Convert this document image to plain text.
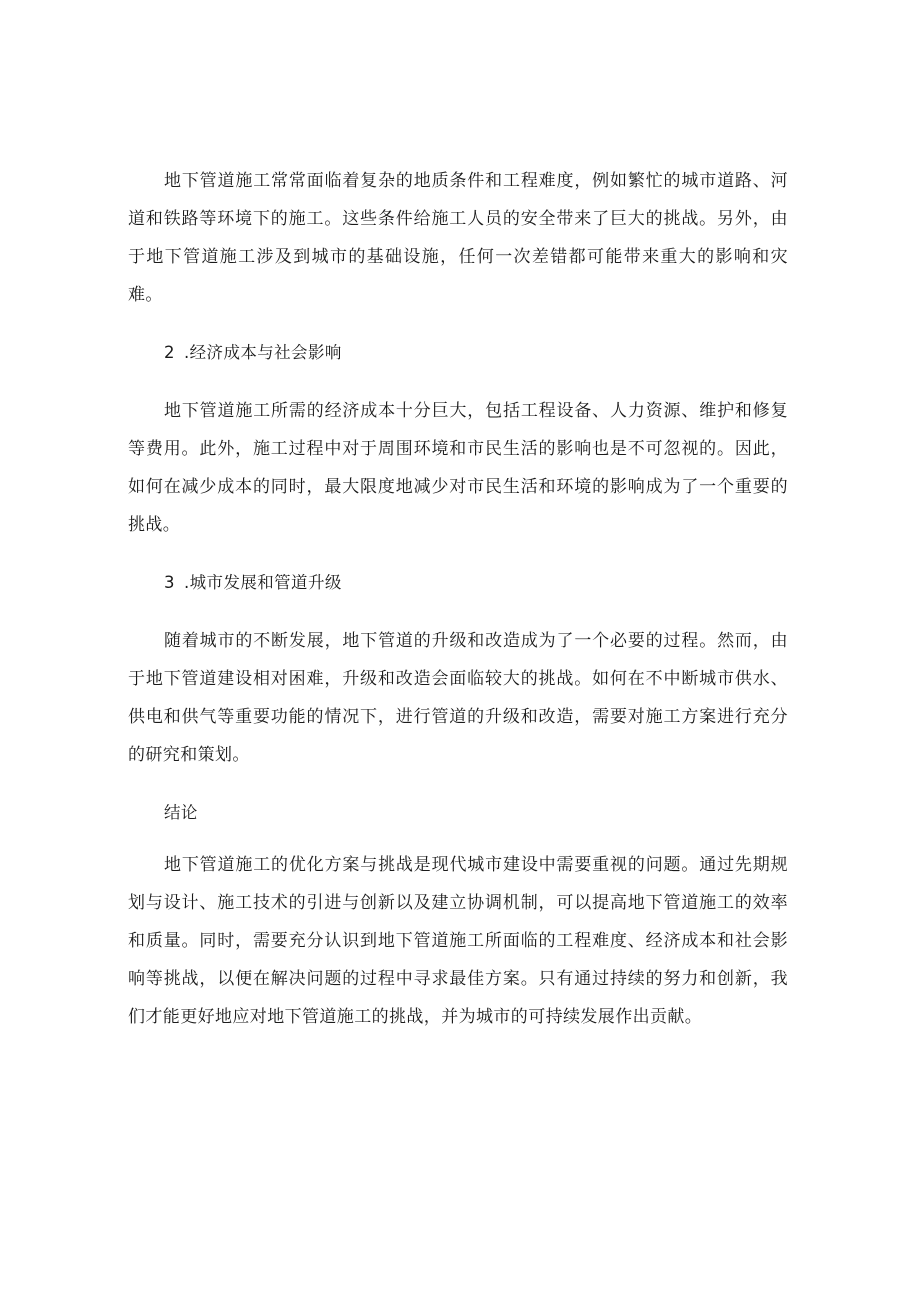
地下管道施工常常面临着复杂的地质条件和工程难度，例如繁忙的城市道路、河道和铁路等环境下的施工。这些条件给施工人员的安全带来了巨大的挑战。另外，由于地下管道施工涉及到城市的基础设施，任何一次差错都可能带来重大的影响和灾难。

2 .经济成本与社会影响

地下管道施工所需的经济成本十分巨大，包括工程设备、人力资源、维护和修复等费用。此外，施工过程中对于周围环境和市民生活的影响也是不可忽视的。因此，如何在减少成本的同时，最大限度地减少对市民生活和环境的影响成为了一个重要的挑战。

3 .城市发展和管道升级

随着城市的不断发展，地下管道的升级和改造成为了一个必要的过程。然而，由于地下管道建设相对困难，升级和改造会面临较大的挑战。如何在不中断城市供水、供电和供气等重要功能的情况下，进行管道的升级和改造，需要对施工方案进行充分的研究和策划。

结论

地下管道施工的优化方案与挑战是现代城市建设中需要重视的问题。通过先期规划与设计、施工技术的引进与创新以及建立协调机制，可以提高地下管道施工的效率和质量。同时，需要充分认识到地下管道施工所面临的工程难度、经济成本和社会影响等挑战，以便在解决问题的过程中寻求最佳方案。只有通过持续的努力和创新，我们才能更好地应对地下管道施工的挑战，并为城市的可持续发展作出贡献。
